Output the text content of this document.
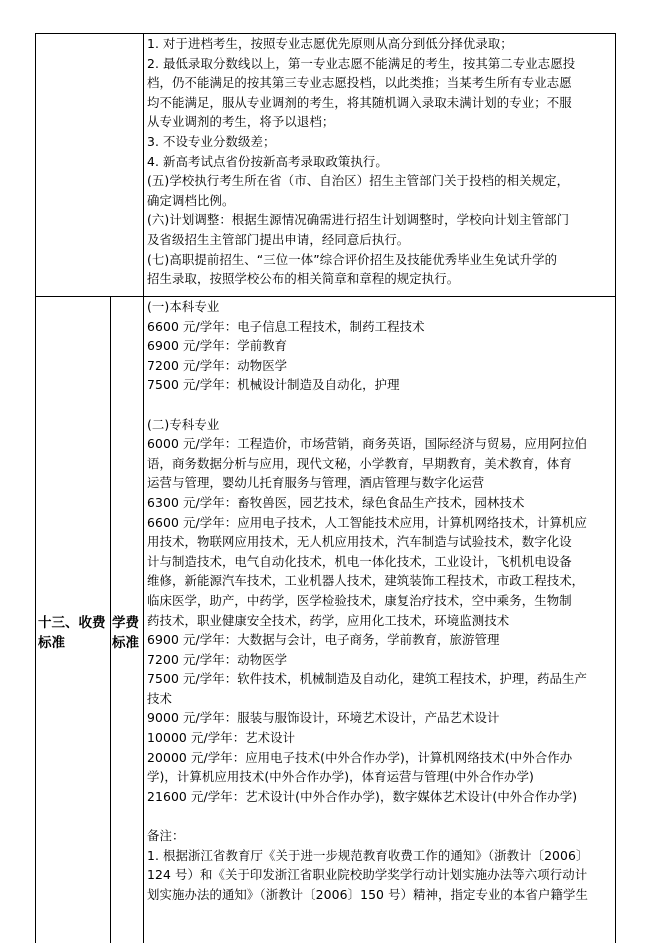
1. 对于进档考生，按照专业志愿优先原则从高分到低分择优录取；
2. 最低录取分数线以上，第一专业志愿不能满足的考生，按其第二专业志愿投
档，仍不能满足的按其第三专业志愿投档，以此类推；当某考生所有专业志愿
均不能满足，服从专业调剂的考生，将其随机调入录取未满计划的专业；不服
从专业调剂的考生，将予以退档；
3. 不设专业分数级差；
4. 新高考试点省份按新高考录取政策执行。
(五)学校执行考生所在省（市、自治区）招生主管部门关于投档的相关规定，
确定调档比例。
(六)计划调整：根据生源情况确需进行招生计划调整时，学校向计划主管部门
及省级招生主管部门提出申请，经同意后执行。
(七)高职提前招生、“三位一体”综合评价招生及技能优秀毕业生免试升学的
招生录取，按照学校公布的相关简章和章程的规定执行。
十三、收费标准
学费标准
(一)本科专业
6600 元/学年：电子信息工程技术，制药工程技术
6900 元/学年：学前教育
7200 元/学年：动物医学
7500 元/学年：机械设计制造及自动化，护理
(二)专科专业
6000 元/学年：工程造价，市场营销，商务英语，国际经济与贸易，应用阿拉伯
语，商务数据分析与应用，现代文秘，小学教育，早期教育，美术教育，体育
运营与管理，婴幼儿托育服务与管理，酒店管理与数字化运营
6300 元/学年：畜牧兽医，园艺技术，绿色食品生产技术，园林技术
6600 元/学年：应用电子技术，人工智能技术应用，计算机网络技术，计算机应
用技术，物联网应用技术，无人机应用技术，汽车制造与试验技术，数字化设
计与制造技术，电气自动化技术，机电一体化技术，工业设计，飞机机电设备
维修，新能源汽车技术，工业机器人技术，建筑装饰工程技术，市政工程技术，
临床医学，助产，中药学，医学检验技术，康复治疗技术，空中乘务，生物制
药技术，职业健康安全技术，药学，应用化工技术，环境监测技术
6900 元/学年：大数据与会计，电子商务，学前教育，旅游管理
7200 元/学年：动物医学
7500 元/学年：软件技术，机械制造及自动化，建筑工程技术，护理，药品生产
技术
9000 元/学年：服装与服饰设计，环境艺术设计，产品艺术设计
10000 元/学年：艺术设计
20000 元/学年：应用电子技术(中外合作办学)，计算机网络技术(中外合作办
学)，计算机应用技术(中外合作办学)，体育运营与管理(中外合作办学)
21600 元/学年：艺术设计(中外合作办学)，数字媒体艺术设计(中外合作办学)
备注：
1. 根据浙江省教育厅《关于进一步规范教育收费工作的通知》（浙教计〔2006〕
124 号）和《关于印发浙江省职业院校助学奖学行动计划实施办法等六项行动计
划实施办法的通知》（浙教计〔2006〕150 号）精神，指定专业的本省户籍学生
